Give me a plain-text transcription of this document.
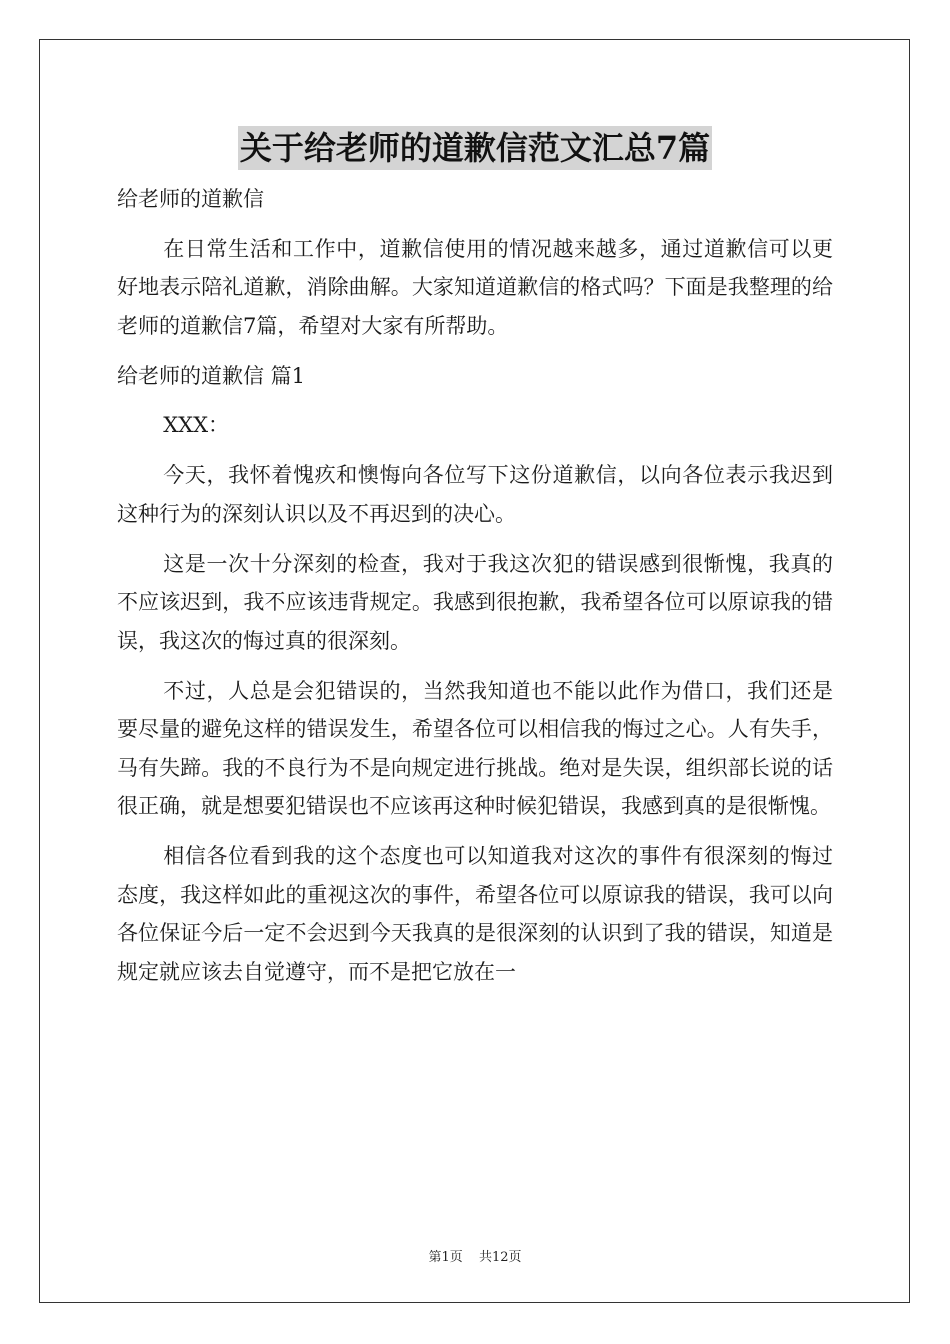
关于给老师的道歉信范文汇总7篇

给老师的道歉信

在日常生活和工作中，道歉信使用的情况越来越多，通过道歉信可以更好地表示陪礼道歉，消除曲解。大家知道道歉信的格式吗？下面是我整理的给老师的道歉信7篇，希望对大家有所帮助。

给老师的道歉信 篇1

XXX：

今天，我怀着愧疚和懊悔向各位写下这份道歉信，以向各位表示我迟到这种行为的深刻认识以及不再迟到的决心。

这是一次十分深刻的检查，我对于我这次犯的错误感到很惭愧，我真的不应该迟到，我不应该违背规定。我感到很抱歉，我希望各位可以原谅我的错误，我这次的悔过真的很深刻。

不过，人总是会犯错误的，当然我知道也不能以此作为借口，我们还是要尽量的避免这样的错误发生，希望各位可以相信我的悔过之心。人有失手，马有失蹄。我的不良行为不是向规定进行挑战。绝对是失误，组织部长说的话很正确，就是想要犯错误也不应该再这种时候犯错误，我感到真的是很惭愧。

相信各位看到我的这个态度也可以知道我对这次的事件有很深刻的悔过态度，我这样如此的重视这次的事件，希望各位可以原谅我的错误，我可以向各位保证今后一定不会迟到今天我真的是很深刻的认识到了我的错误，知道是规定就应该去自觉遵守，而不是把它放在一

第1页 共12页
